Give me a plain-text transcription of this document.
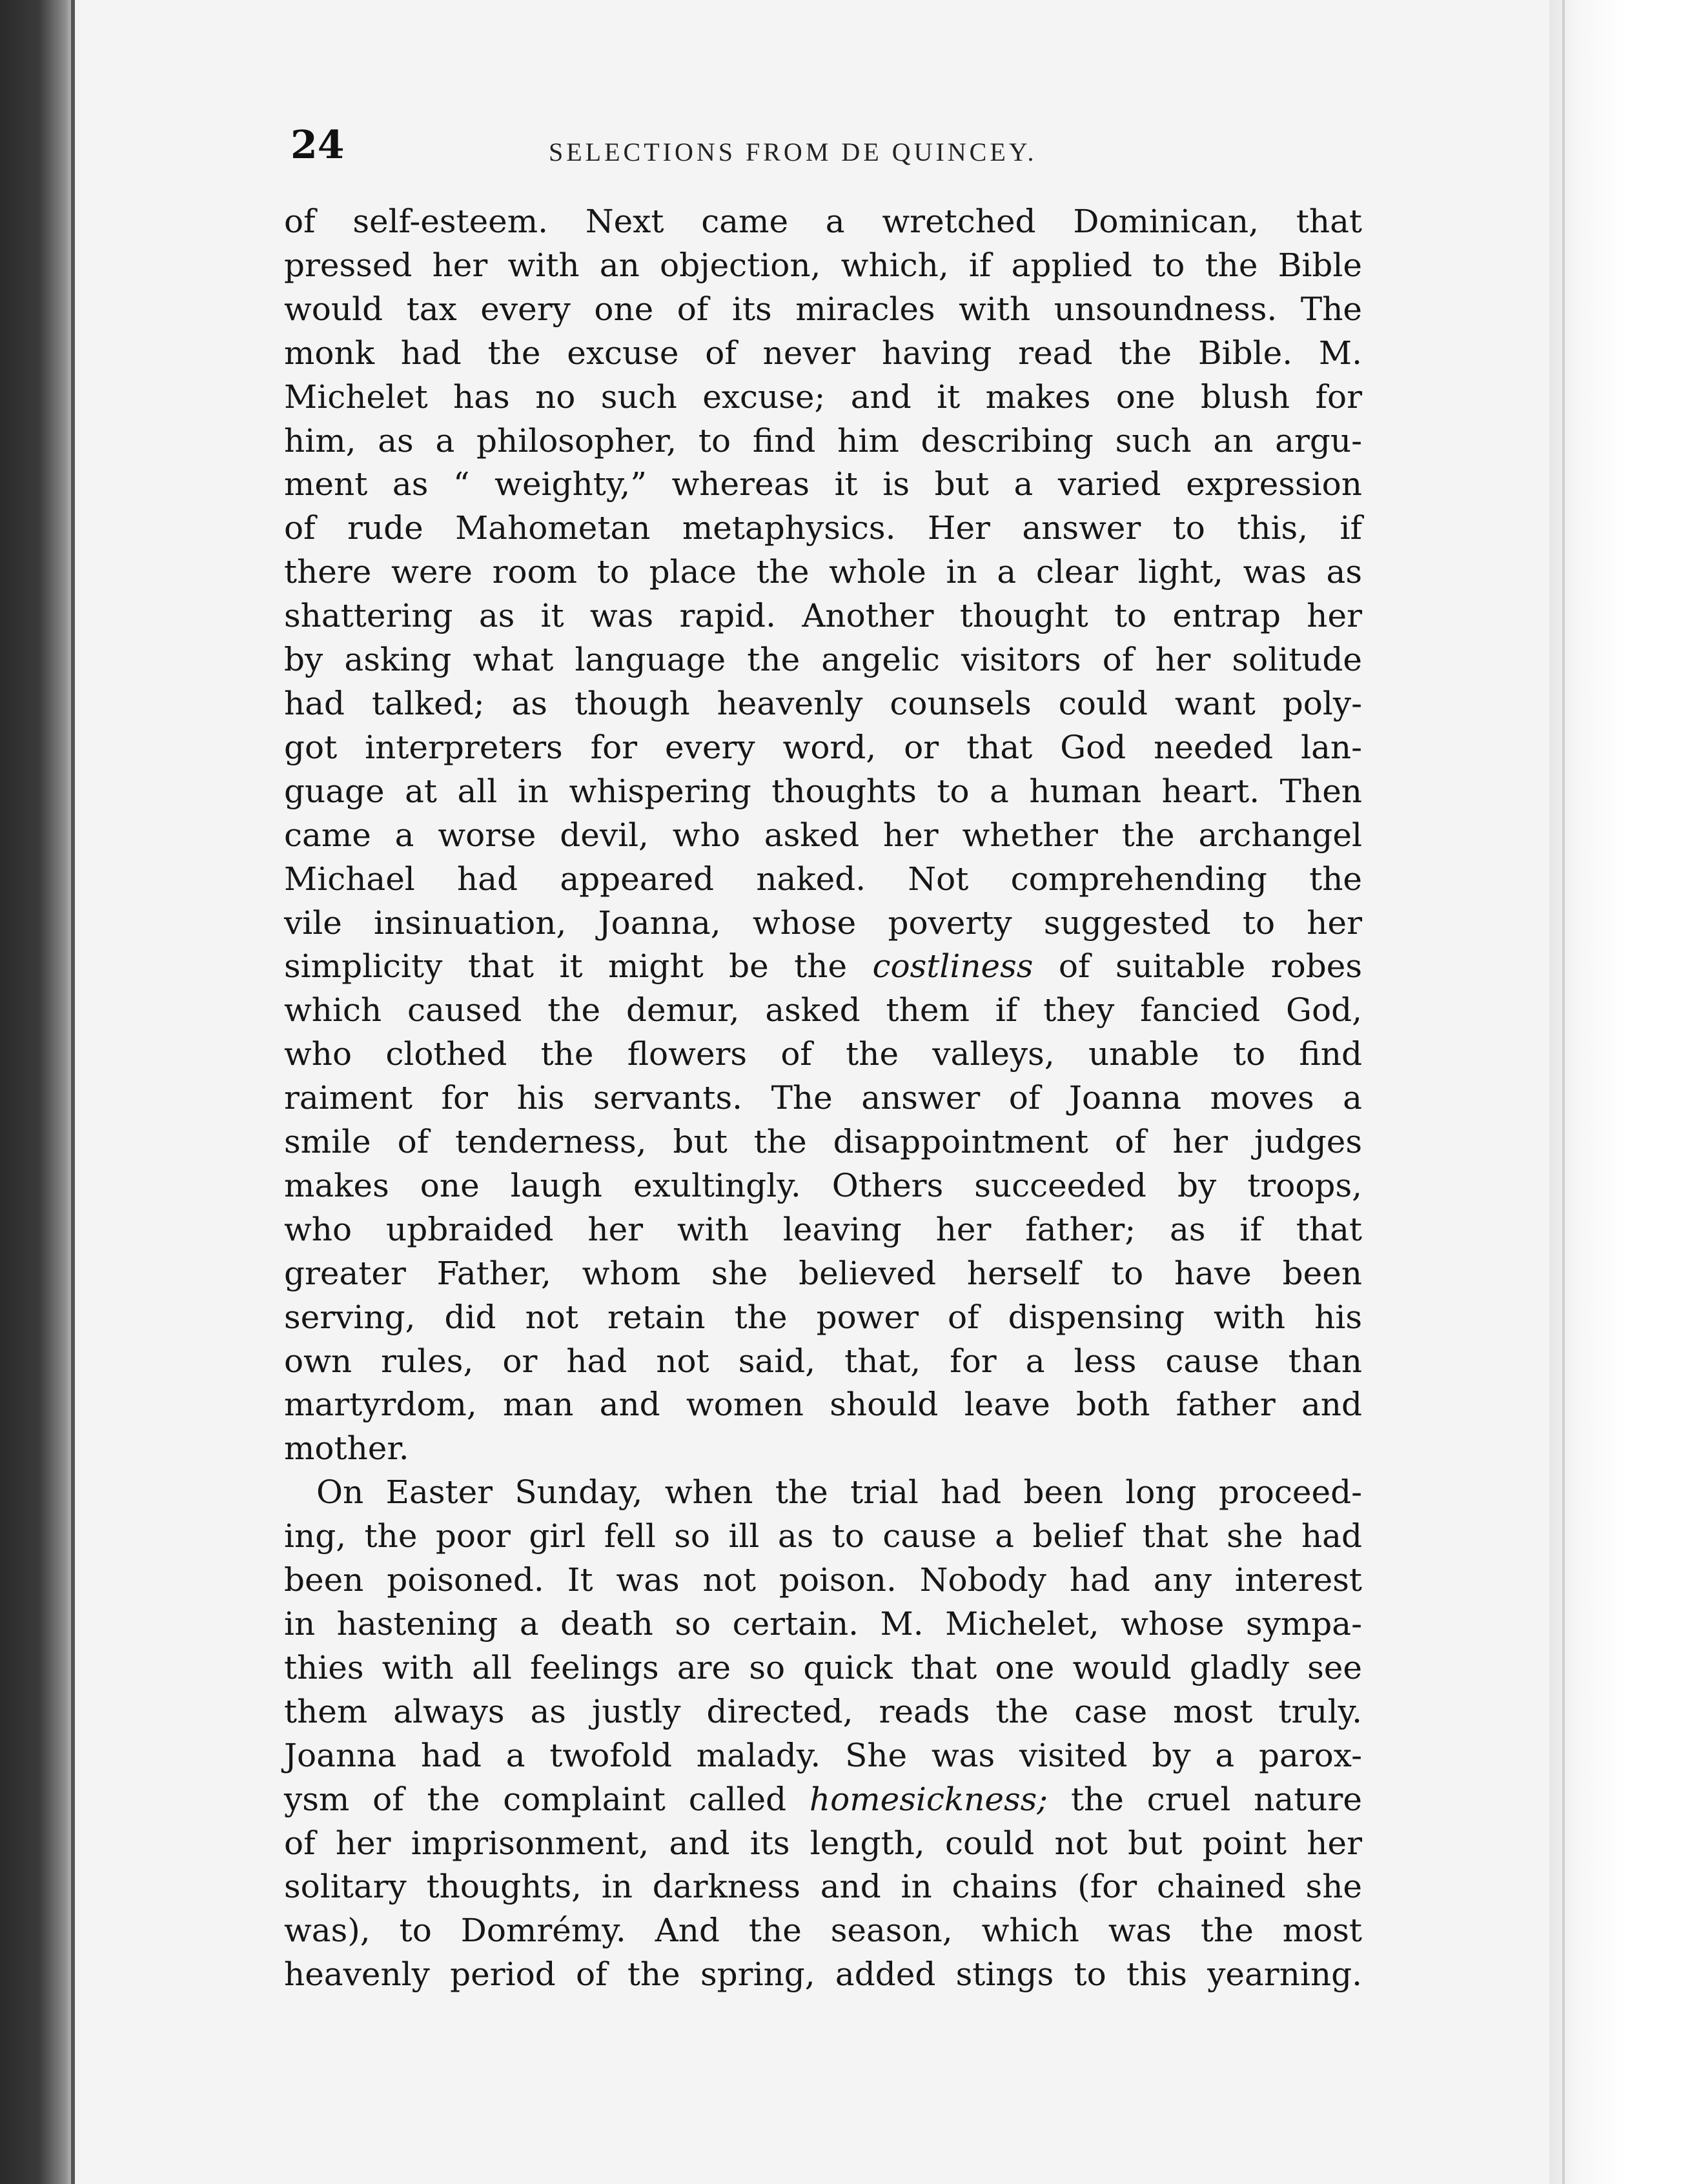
24	SELECTIONS FROM DE QUINCEY.
of self-esteem. Next came a wretched Dominican, that
pressed her with an objection, which, if applied to the Bible
would tax every one of its miracles with unsoundness. The
monk had the excuse of never having read the Bible. M.
Michelet has no such excuse; and it makes one blush for
him, as a philosopher, to find him describing such an argu-
ment as “ weighty,” whereas it is but a varied expression
of rude Mahometan metaphysics. Her answer to this, if
there were room to place the whole in a clear light, was as
shattering as it was rapid. Another thought to entrap her
by asking what language the angelic visitors of her solitude
had talked; as though heavenly counsels could want poly-
got interpreters for every word, or that God needed lan-
guage at all in whispering thoughts to a human heart. Then
came a worse devil, who asked her whether the archangel
Michael had appeared naked. Not comprehending the
vile insinuation, Joanna, whose poverty suggested to her
simplicity that it might be the costliness of suitable robes
which caused the demur, asked them if they fancied God,
who clothed the flowers of the valleys, unable to find
raiment for his servants. The answer of Joanna moves a
smile of tenderness, but the disappointment of her judges
makes one laugh exultingly. Others succeeded by troops,
who upbraided her with leaving her father; as if that
greater Father, whom she believed herself to have been
serving, did not retain the power of dispensing with his
own rules, or had not said, that, for a less cause than
martyrdom, man and women should leave both father and
mother.
On Easter Sunday, when the trial had been long proceed-
ing, the poor girl fell so ill as to cause a belief that she had
been poisoned. It was not poison. Nobody had any interest
in hastening a death so certain. M. Michelet, whose sympa-
thies with all feelings are so quick that one would gladly see
them always as justly directed, reads the case most truly.
Joanna had a twofold malady. She was visited by a parox-
ysm of the complaint called homesickness; the cruel nature
of her imprisonment, and its length, could not but point her
solitary thoughts, in darkness and in chains (for chained she
was), to Domrémy. And the season, which was the most
heavenly period of the spring, added stings to this yearning.
